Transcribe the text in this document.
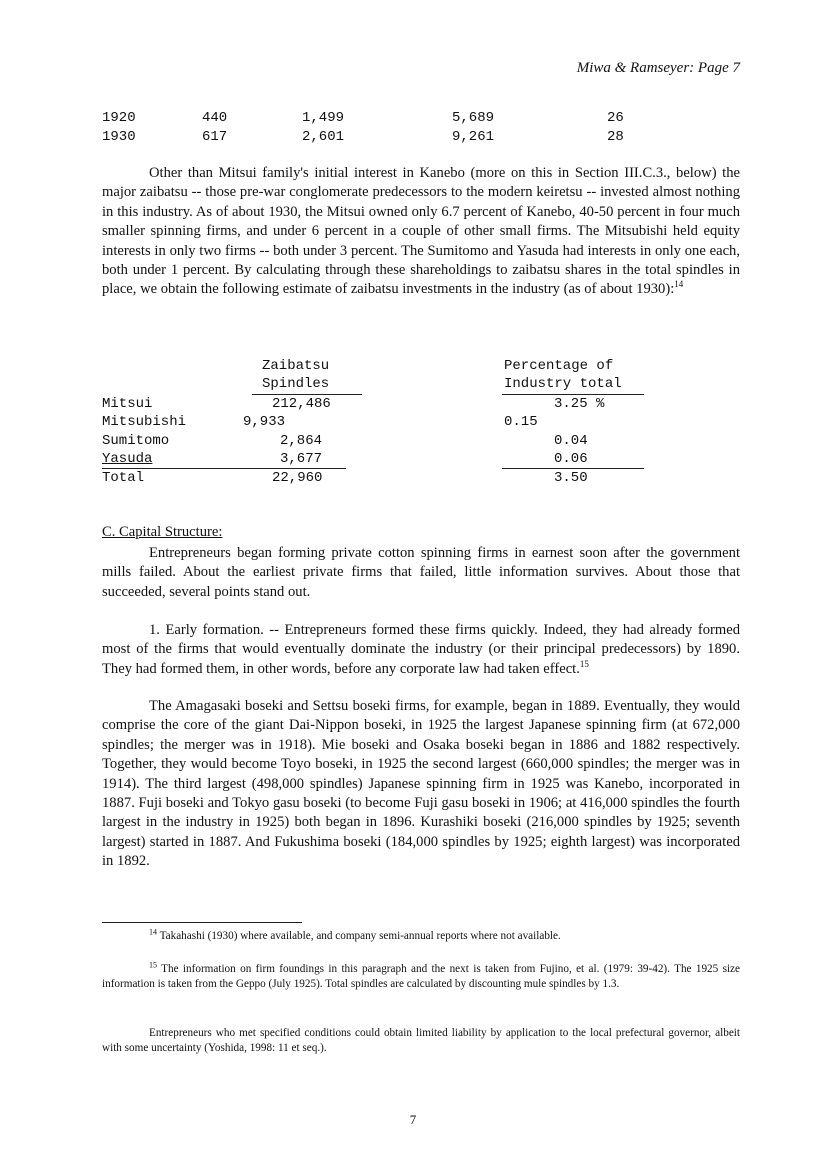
Miwa & Ramseyer: Page 7
1920	440	1,499	5,689	26
1930	617	2,601	9,261	28

Other than Mitsui family's initial interest in Kanebo (more on this in Section III.C.3., below) the major zaibatsu -- those pre-war conglomerate predecessors to the modern keiretsu -- invested almost nothing in this industry. As of about 1930, the Mitsui owned only 6.7 percent of Kanebo, 40-50 percent in four much smaller spinning firms, and under 6 percent in a couple of other small firms. The Mitsubishi held equity interests in only two firms -- both under 3 percent. The Sumitomo and Yasuda had interests in only one each, both under 1 percent. By calculating through these shareholdings to zaibatsu shares in the total spindles in place, we obtain the following estimate of zaibatsu investments in the industry (as of about 1930):$^{14}$

Zaibatsu
Spindles
Percentage of
Industry total
Mitsui	212,486	3.25 %
Mitsubishi	9,933	0.15
Sumitomo	2,864	0.04
Yasuda	3,677	0.06
Total	22,960	3.50

C. Capital Structure:

Entrepreneurs began forming private cotton spinning firms in earnest soon after the government mills failed. About the earliest private firms that failed, little information survives. About those that succeeded, several points stand out.

1. Early formation. -- Entrepreneurs formed these firms quickly. Indeed, they had already formed most of the firms that would eventually dominate the industry (or their principal predecessors) by 1890. They had formed them, in other words, before any corporate law had taken effect.$^{15}$

The Amagasaki boseki and Settsu boseki firms, for example, began in 1889. Eventually, they would comprise the core of the giant Dai-Nippon boseki, in 1925 the largest Japanese spinning firm (at 672,000 spindles; the merger was in 1918). Mie boseki and Osaka boseki began in 1886 and 1882 respectively. Together, they would become Toyo boseki, in 1925 the second largest (660,000 spindles; the merger was in 1914). The third largest (498,000 spindles) Japanese spinning firm in 1925 was Kanebo, incorporated in 1887. Fuji boseki and Tokyo gasu boseki (to become Fuji gasu boseki in 1906; at 416,000 spindles the fourth largest in the industry in 1925) both began in 1896. Kurashiki boseki (216,000 spindles by 1925; seventh largest) started in 1887. And Fukushima boseki (184,000 spindles by 1925; eighth largest) was incorporated in 1892.

$^{14}$ Takahashi (1930) where available, and company semi-annual reports where not available.
$^{15}$ The information on firm foundings in this paragraph and the next is taken from Fujino, et al. (1979: 39-42). The 1925 size information is taken from the Geppo (July 1925). Total spindles are calculated by discounting mule spindles by 1.3.
Entrepreneurs who met specified conditions could obtain limited liability by application to the local prefectural governor, albeit with some uncertainty (Yoshida, 1998: 11 et seq.).
7
